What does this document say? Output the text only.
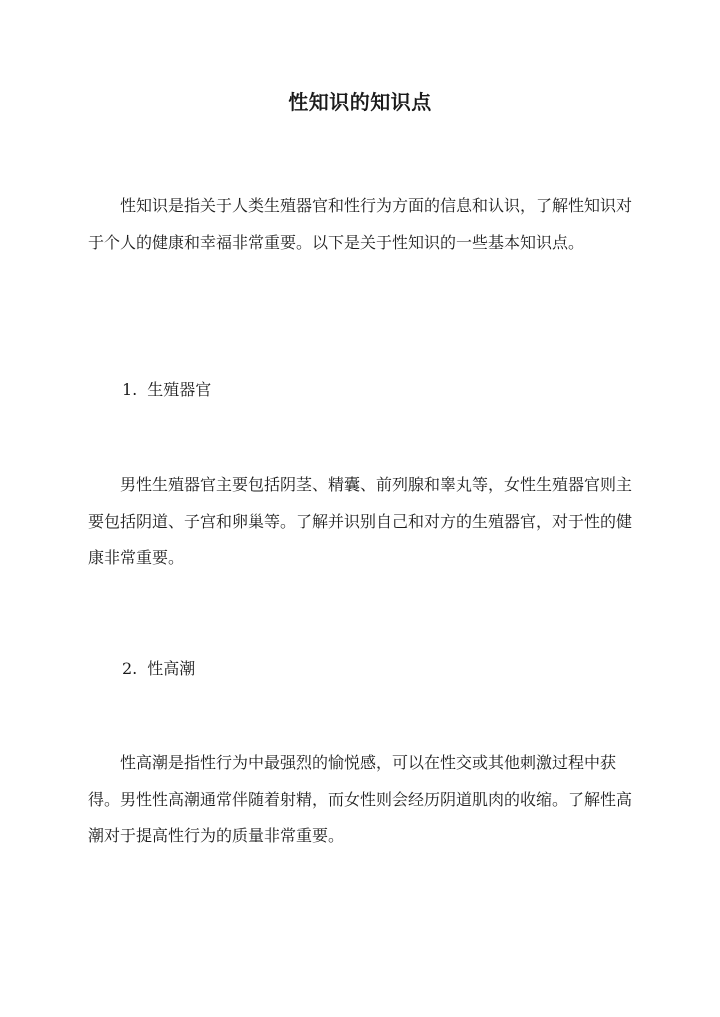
性知识的知识点

性知识是指关于人类生殖器官和性行为方面的信息和认识，了解性知识对于个人的健康和幸福非常重要。以下是关于性知识的一些基本知识点。

1. 生殖器官

男性生殖器官主要包括阴茎、精囊、前列腺和睾丸等，女性生殖器官则主要包括阴道、子宫和卵巢等。了解并识别自己和对方的生殖器官，对于性的健康非常重要。

2. 性高潮

性高潮是指性行为中最强烈的愉悦感，可以在性交或其他刺激过程中获得。男性性高潮通常伴随着射精，而女性则会经历阴道肌肉的收缩。了解性高潮对于提高性行为的质量非常重要。
